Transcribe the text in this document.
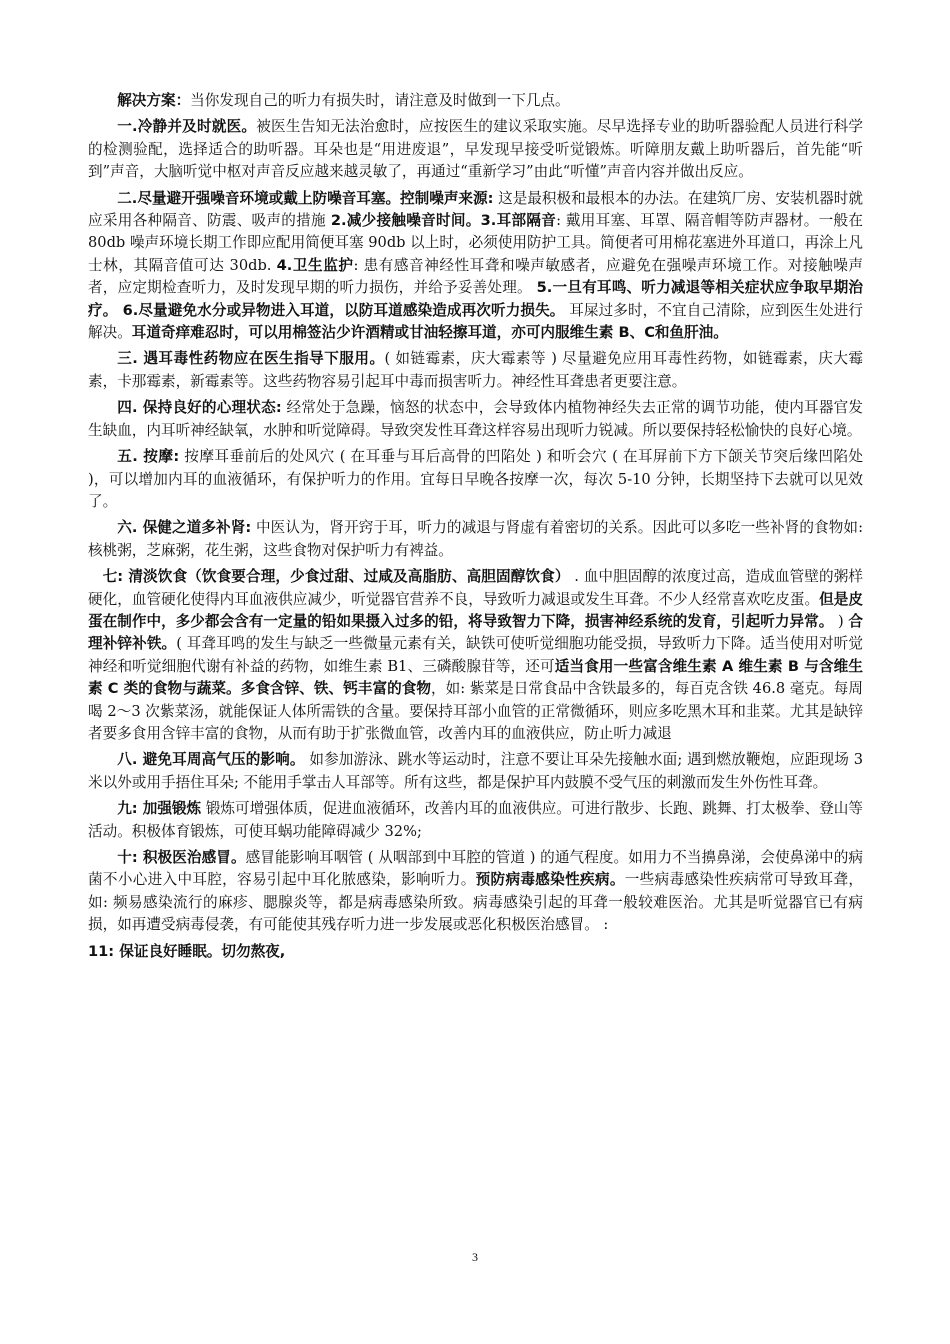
解决方案：当你发现自己的听力有损失时，请注意及时做到一下几点。

一.冷静并及时就医。被医生告知无法治愈时，应按医生的建议采取实施。尽早选择专业的助听器验配人员进行科学的检测验配，选择适合的助听器。耳朵也是“用进废退”，早发现早接受听觉锻炼。听障朋友戴上助听器后，首先能“听到”声音，大脑听觉中枢对声音反应越来越灵敏了，再通过“重新学习”由此“听懂”声音内容并做出反应。

二.尽量避开强噪音环境或戴上防噪音耳塞。控制噪声来源: 这是最积极和最根本的办法。在建筑厂房、安装机器时就应采用各种隔音、防震、吸声的措施 2.减少接触噪音时间。3.耳部隔音: 戴用耳塞、耳罩、隔音帽等防声器材。一般在 80db 噪声环境长期工作即应配用简便耳塞 90db 以上时，必须使用防护工具。简便者可用棉花塞进外耳道口，再涂上凡士林，其隔音值可达 30db. 4.卫生监护: 患有感音神经性耳聋和噪声敏感者，应避免在强噪声环境工作。对接触噪声者，应定期检查听力，及时发现早期的听力损伤，并给予妥善处理。 5.一旦有耳鸣、听力减退等相关症状应争取早期治疗。 6.尽量避免水分或异物进入耳道，以防耳道感染造成再次听力损失。 耳屎过多时，不宜自己清除，应到医生处进行解决。耳道奇痒难忍时，可以用棉签沾少许酒精或甘油轻擦耳道，亦可内服维生素 B、C和鱼肝油。

三. 遇耳毒性药物应在医生指导下服用。( 如链霉素，庆大霉素等 ) 尽量避免应用耳毒性药物，如链霉素，庆大霉素，卡那霉素，新霉素等。这些药物容易引起耳中毒而损害听力。神经性耳聋患者更要注意。

四. 保持良好的心理状态: 经常处于急躁，恼怒的状态中，会导致体内植物神经失去正常的调节功能，使内耳器官发生缺血，内耳听神经缺氧，水肿和听觉障碍。导致突发性耳聋这样容易出现听力锐减。所以要保持轻松愉快的良好心境。

五. 按摩: 按摩耳垂前后的处风穴 ( 在耳垂与耳后高骨的凹陷处 ) 和听会穴 ( 在耳屏前下方下颌关节突后缘凹陷处 )，可以增加内耳的血液循环，有保护听力的作用。宜每日早晚各按摩一次，每次 5-10 分钟，长期坚持下去就可以见效了。

六. 保健之道多补肾: 中医认为，肾开窍于耳，听力的减退与肾虚有着密切的关系。因此可以多吃一些补肾的食物如: 核桃粥，芝麻粥，花生粥，这些食物对保护听力有裨益。

七: 清淡饮食（饮食要合理，少食过甜、过咸及高脂肪、高胆固醇饮食） . 血中胆固醇的浓度过高，造成血管壁的粥样硬化，血管硬化使得内耳血液供应减少，听觉器官营养不良，导致听力减退或发生耳聋。不少人经常喜欢吃皮蛋。但是皮蛋在制作中，多少都会含有一定量的铅如果摄入过多的铅，将导致智力下降，损害神经系统的发育，引起听力异常。 ) 合理补锌补铁。( 耳聋耳鸣的发生与缺乏一些微量元素有关，缺铁可使听觉细胞功能受损，导致听力下降。适当使用对听觉神经和听觉细胞代谢有补益的药物，如维生素 B1、三磷酸腺苷等，还可适当食用一些富含维生素 A 维生素 B 与含维生素 C 类的食物与蔬菜。多食含锌、铁、钙丰富的食物，如: 紫菜是日常食品中含铁最多的，每百克含铁 46.8 毫克。每周喝 2～3 次紫菜汤，就能保证人体所需铁的含量。要保持耳部小血管的正常微循环，则应多吃黑木耳和韭菜。尤其是缺锌者要多食用含锌丰富的食物，从而有助于扩张微血管，改善内耳的血液供应，防止听力减退

八. 避免耳周高气压的影响。 如参加游泳、跳水等运动时，注意不要让耳朵先接触水面; 遇到燃放鞭炮，应距现场 3 米以外或用手捂住耳朵; 不能用手掌击人耳部等。所有这些，都是保护耳内鼓膜不受气压的刺激而发生外伤性耳聋。

九: 加强锻炼 锻炼可增强体质，促进血液循环，改善内耳的血液供应。可进行散步、长跑、跳舞、打太极拳、登山等活动。积极体育锻炼，可使耳蜗功能障碍减少 32%;

十: 积极医治感冒。感冒能影响耳咽管 ( 从咽部到中耳腔的管道 ) 的通气程度。如用力不当擤鼻涕，会使鼻涕中的病菌不小心进入中耳腔，容易引起中耳化脓感染，影响听力。预防病毒感染性疾病。一些病毒感染性疾病常可导致耳聋，如: 频易感染流行的麻疹、腮腺炎等，都是病毒感染所致。病毒感染引起的耳聋一般较难医治。尤其是听觉器官已有病损，如再遭受病毒侵袭，有可能使其残存听力进一步发展或恶化积极医治感冒。 :

11: 保证良好睡眠。切勿熬夜,

3
